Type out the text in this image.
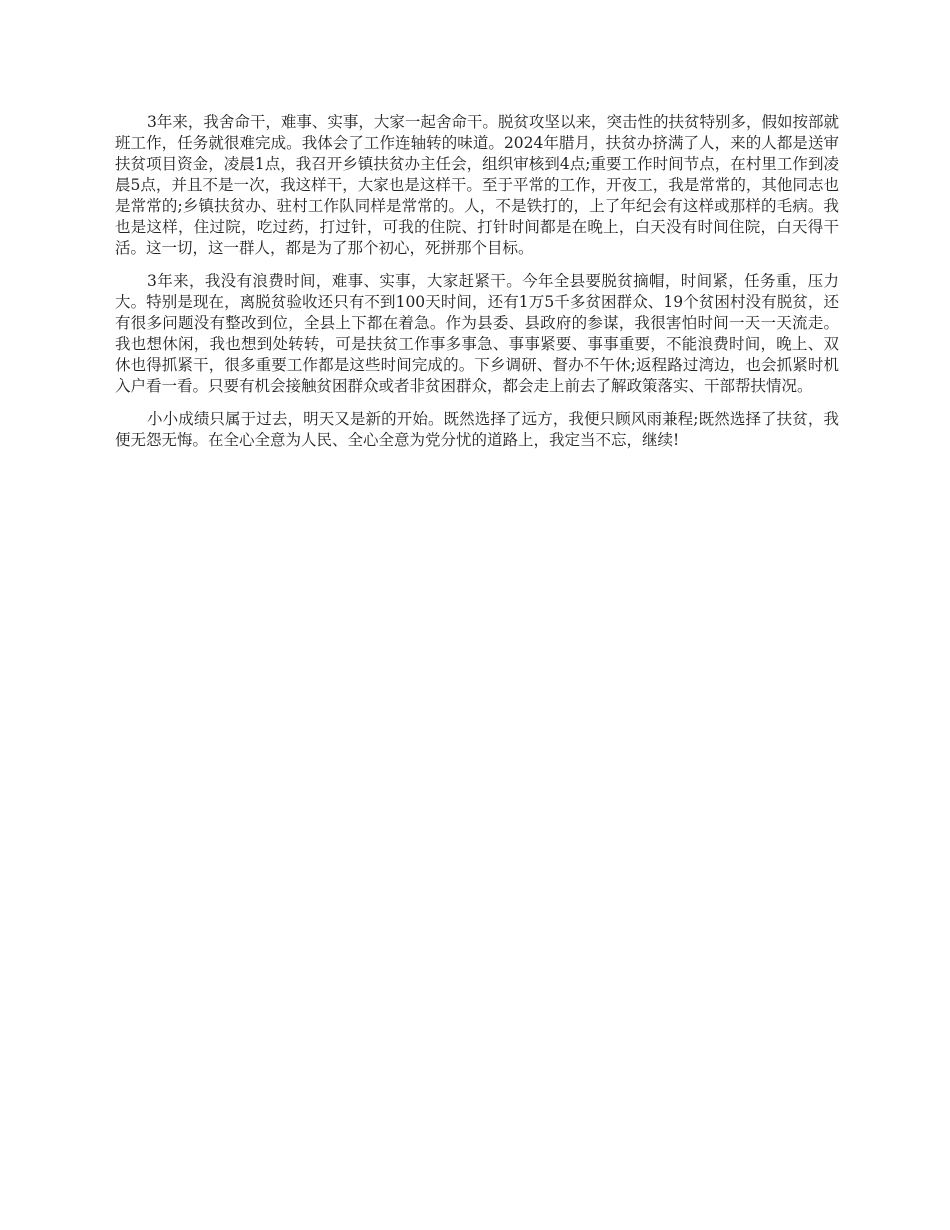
3年来，我舍命干，难事、实事，大家一起舍命干。脱贫攻坚以来，突击性的扶贫特别多，假如按部就班工作，任务就很难完成。我体会了工作连轴转的味道。2024年腊月，扶贫办挤满了人，来的人都是送审扶贫项目资金，凌晨1点，我召开乡镇扶贫办主任会，组织审核到4点;重要工作时间节点，在村里工作到凌晨5点，并且不是一次，我这样干，大家也是这样干。至于平常的工作，开夜工，我是常常的，其他同志也是常常的;乡镇扶贫办、驻村工作队同样是常常的。人，不是铁打的，上了年纪会有这样或那样的毛病。我也是这样，住过院，吃过药，打过针，可我的住院、打针时间都是在晚上，白天没有时间住院，白天得干活。这一切，这一群人，都是为了那个初心，死拼那个目标。

3年来，我没有浪费时间，难事、实事，大家赶紧干。今年全县要脱贫摘帽，时间紧，任务重，压力大。特别是现在，离脱贫验收还只有不到100天时间，还有1万5千多贫困群众、19个贫困村没有脱贫，还有很多问题没有整改到位，全县上下都在着急。作为县委、县政府的参谋，我很害怕时间一天一天流走。我也想休闲，我也想到处转转，可是扶贫工作事多事急、事事紧要、事事重要，不能浪费时间，晚上、双休也得抓紧干，很多重要工作都是这些时间完成的。下乡调研、督办不午休;返程路过湾边，也会抓紧时机入户看一看。只要有机会接触贫困群众或者非贫困群众，都会走上前去了解政策落实、干部帮扶情况。

小小成绩只属于过去，明天又是新的开始。既然选择了远方，我便只顾风雨兼程;既然选择了扶贫，我便无怨无悔。在全心全意为人民、全心全意为党分忧的道路上，我定当不忘，继续!
